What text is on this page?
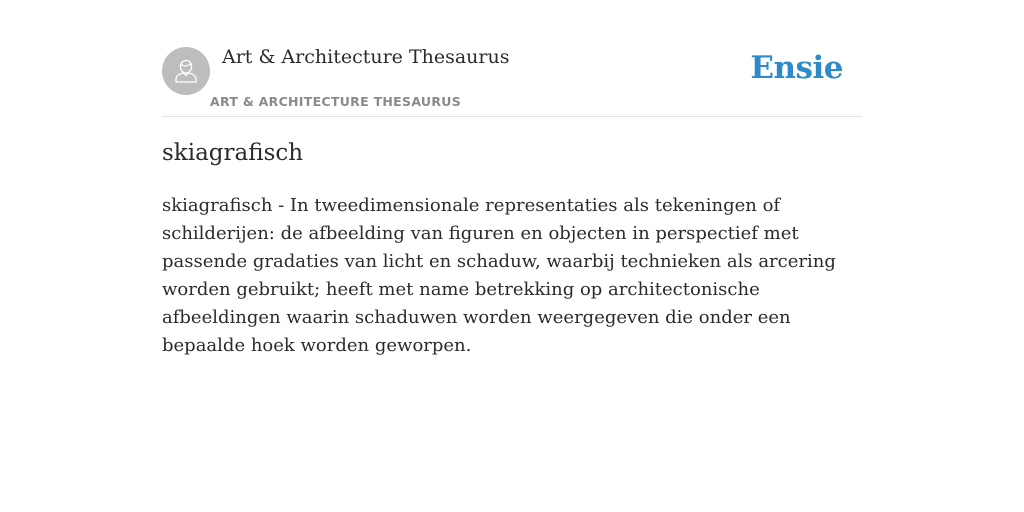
Art & Architecture Thesaurus
ART & ARCHITECTURE THESAURUS
Ensie
skiagrafisch

skiagrafisch - In tweedimensionale representaties als tekeningen of schilderijen: de afbeelding van figuren en objecten in perspectief met passende gradaties van licht en schaduw, waarbij technieken als arcering worden gebruikt; heeft met name betrekking op architectonische afbeeldingen waarin schaduwen worden weergegeven die onder een bepaalde hoek worden geworpen.
